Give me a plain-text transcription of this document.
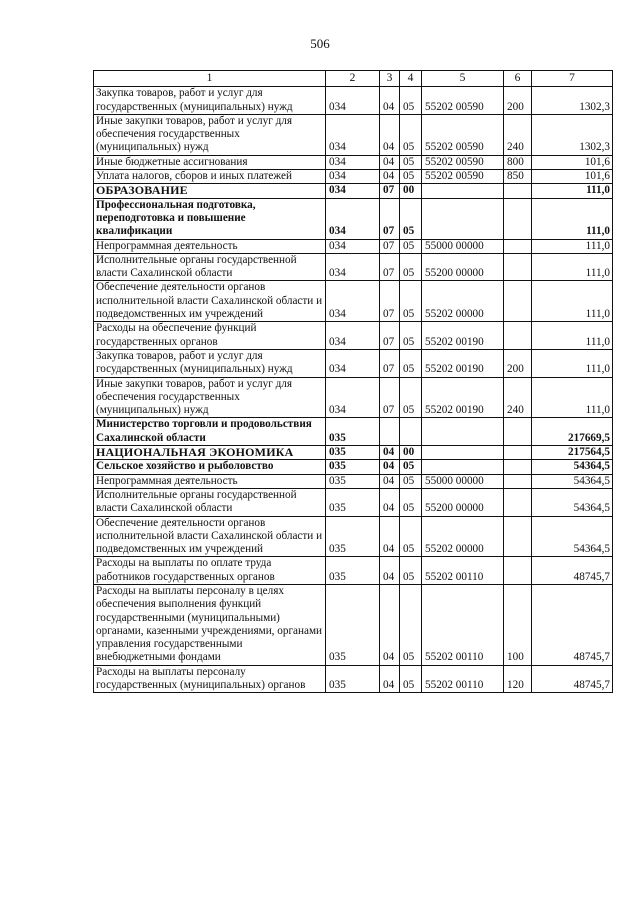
506
1	2	3	4	5	6	7
Закупка товаров, работ и услуг для государственных (муниципальных) нужд	034	04	05	55202 00590	200	1302,3
Иные закупки товаров, работ и услуг для обеспечения государственных (муниципальных) нужд	034	04	05	55202 00590	240	1302,3
Иные бюджетные ассигнования	034	04	05	55202 00590	800	101,6
Уплата налогов, сборов и иных платежей	034	04	05	55202 00590	850	101,6
ОБРАЗОВАНИЕ	034	07	00			111,0
Профессиональная подготовка, переподготовка и повышение квалификации	034	07	05			111,0
Непрограммная деятельность	034	07	05	55000 00000		111,0
Исполнительные органы государственной власти Сахалинской области	034	07	05	55200 00000		111,0
Обеспечение деятельности органов исполнительной власти Сахалинской области и подведомственных им учреждений	034	07	05	55202 00000		111,0
Расходы на обеспечение функций государственных органов	034	07	05	55202 00190		111,0
Закупка товаров, работ и услуг для государственных (муниципальных) нужд	034	07	05	55202 00190	200	111,0
Иные закупки товаров, работ и услуг для обеспечения государственных (муниципальных) нужд	034	07	05	55202 00190	240	111,0
Министерство торговли и продовольствия Сахалинской области	035					217669,5
НАЦИОНАЛЬНАЯ ЭКОНОМИКА	035	04	00			217564,5
Сельское хозяйство и рыболовство	035	04	05			54364,5
Непрограммная деятельность	035	04	05	55000 00000		54364,5
Исполнительные органы государственной власти Сахалинской области	035	04	05	55200 00000		54364,5
Обеспечение деятельности органов исполнительной власти Сахалинской области и подведомственных им учреждений	035	04	05	55202 00000		54364,5
Расходы на выплаты по оплате труда работников государственных органов	035	04	05	55202 00110		48745,7
Расходы на выплаты персоналу в целях обеспечения выполнения функций государственными (муниципальными) органами, казенными учреждениями, органами управления государственными внебюджетными фондами	035	04	05	55202 00110	100	48745,7
Расходы на выплаты персоналу государственных (муниципальных) органов	035	04	05	55202 00110	120	48745,7
